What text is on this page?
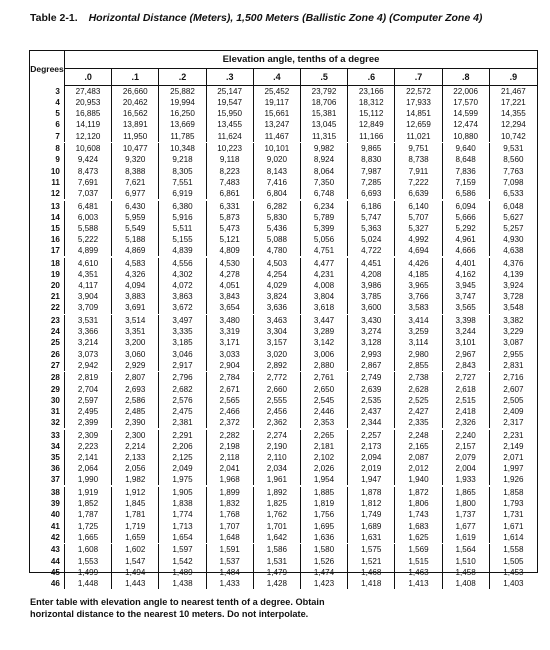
Table 2-1. Horizontal Distance (Meters), 1,500 Meters (Ballistic Zone 4) (Computer Zone 4)
Degrees
Elevation angle, tenths of a degree
.0	.1	.2	.3	.4	.5	.6	.7	.8	.9
3	27,483	26,660	25,882	25,147	25,452	23,792	23,166	22,572	22,006	21,467
4	20,953	20,462	19,994	19,547	19,117	18,706	18,312	17,933	17,570	17,221
5	16,885	16,562	16,250	15,950	15,661	15,381	15,112	14,851	14,599	14,355
6	14,119	13,891	13,669	13,455	13,247	13,045	12,849	12,659	12,474	12,294
7	12,120	11,950	11,785	11,624	11,467	11,315	11,166	11,021	10,880	10,742
8	10,608	10,477	10,348	10,223	10,101	9,982	9,865	9,751	9,640	9,531
9	9,424	9,320	9,218	9,118	9,020	8,924	8,830	8,738	8,648	8,560
10	8,473	8,388	8,305	8,223	8,143	8,064	7,987	7,911	7,836	7,763
11	7,691	7,621	7,551	7,483	7,416	7,350	7,285	7,222	7,159	7,098
12	7,037	6,977	6,919	6,861	6,804	6,748	6,693	6,639	6,586	6,533
13	6,481	6,430	6,380	6,331	6,282	6,234	6,186	6,140	6,094	6,048
14	6,003	5,959	5,916	5,873	5,830	5,789	5,747	5,707	5,666	5,627
15	5,588	5,549	5,511	5,473	5,436	5,399	5,363	5,327	5,292	5,257
16	5,222	5,188	5,155	5,121	5,088	5,056	5,024	4,992	4,961	4,930
17	4,899	4,869	4,839	4,809	4,780	4,751	4,722	4,694	4,666	4,638
18	4,610	4,583	4,556	4,530	4,503	4,477	4,451	4,426	4,401	4,376
19	4,351	4,326	4,302	4,278	4,254	4,231	4,208	4,185	4,162	4,139
20	4,117	4,094	4,072	4,051	4,029	4,008	3,986	3,965	3,945	3,924
21	3,904	3,883	3,863	3,843	3,824	3,804	3,785	3,766	3,747	3,728
22	3,709	3,691	3,672	3,654	3,636	3,618	3,600	3,583	3,565	3,548
23	3,531	3,514	3,497	3,480	3,463	3,447	3,430	3,414	3,398	3,382
24	3,366	3,351	3,335	3,319	3,304	3,289	3,274	3,259	3,244	3,229
25	3,214	3,200	3,185	3,171	3,157	3,142	3,128	3,114	3,101	3,087
26	3,073	3,060	3,046	3,033	3,020	3,006	2,993	2,980	2,967	2,955
27	2,942	2,929	2,917	2,904	2,892	2,880	2,867	2,855	2,843	2,831
28	2,819	2,807	2,796	2,784	2,772	2,761	2,749	2,738	2,727	2,716
29	2,704	2,693	2,682	2,671	2,660	2,650	2,639	2,628	2,618	2,607
30	2,597	2,586	2,576	2,565	2,555	2,545	2,535	2,525	2,515	2,505
31	2,495	2,485	2,475	2,466	2,456	2,446	2,437	2,427	2,418	2,409
32	2,399	2,390	2,381	2,372	2,362	2,353	2,344	2,335	2,326	2,317
33	2,309	2,300	2,291	2,282	2,274	2,265	2,257	2,248	2,240	2,231
34	2,223	2,214	2,206	2,198	2,190	2,181	2,173	2,165	2,157	2,149
35	2,141	2,133	2,125	2,118	2,110	2,102	2,094	2,087	2,079	2,071
36	2,064	2,056	2,049	2,041	2,034	2,026	2,019	2,012	2,004	1,997
37	1,990	1,982	1,975	1,968	1,961	1,954	1,947	1,940	1,933	1,926
38	1,919	1,912	1,905	1,899	1,892	1,885	1,878	1,872	1,865	1,858
39	1,852	1,845	1,838	1,832	1,825	1,819	1,812	1,806	1,800	1,793
40	1,787	1,781	1,774	1,768	1,762	1,756	1,749	1,743	1,737	1,731
41	1,725	1,719	1,713	1,707	1,701	1,695	1,689	1,683	1,677	1,671
42	1,665	1,659	1,654	1,648	1,642	1,636	1,631	1,625	1,619	1,614
43	1,608	1,602	1,597	1,591	1,586	1,580	1,575	1,569	1,564	1,558
44	1,553	1,547	1,542	1,537	1,531	1,526	1,521	1,515	1,510	1,505
45	1,499	1,494	1,489	1,484	1,479	1,474	1,468	1,463	1,458	1,453
46	1,448	1,443	1,438	1,433	1,428	1,423	1,418	1,413	1,408	1,403
Enter table with elevation angle to nearest tenth of a degree. Obtain horizontal distance to the nearest 10 meters. Do not interpolate.
